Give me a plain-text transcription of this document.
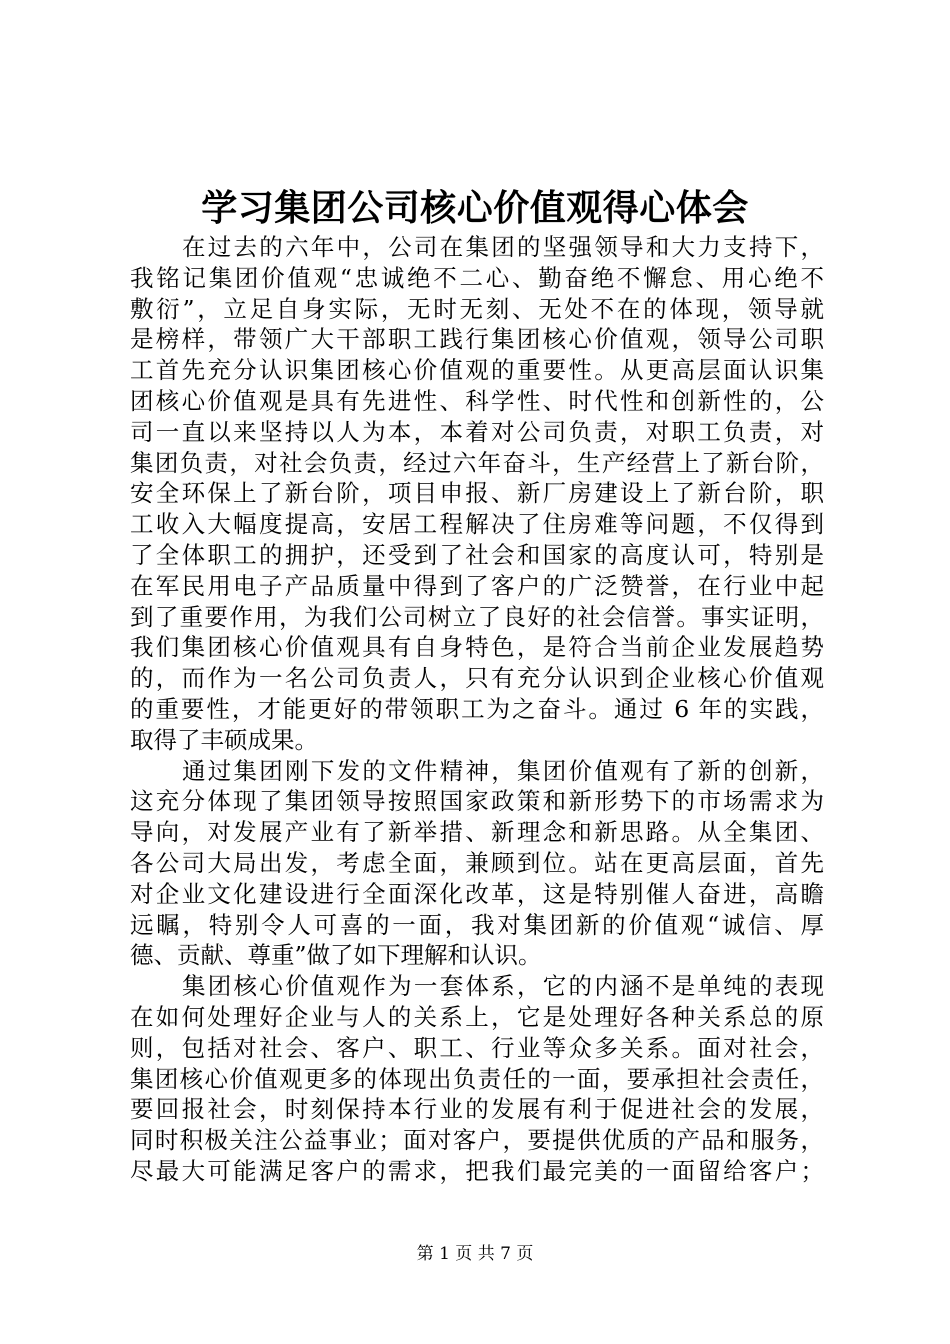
学习集团公司核心价值观得心体会
在过去的六年中，公司在集团的坚强领导和大力支持下，
我铭记集团价值观“忠诚绝不二心、勤奋绝不懈怠、用心绝不
敷衍”，立足自身实际，无时无刻、无处不在的体现，领导就
是榜样，带领广大干部职工践行集团核心价值观，领导公司职
工首先充分认识集团核心价值观的重要性。从更高层面认识集
团核心价值观是具有先进性、科学性、时代性和创新性的，公
司一直以来坚持以人为本，本着对公司负责，对职工负责，对
集团负责，对社会负责，经过六年奋斗，生产经营上了新台阶，
安全环保上了新台阶，项目申报、新厂房建设上了新台阶，职
工收入大幅度提高，安居工程解决了住房难等问题，不仅得到
了全体职工的拥护，还受到了社会和国家的高度认可，特别是
在军民用电子产品质量中得到了客户的广泛赞誉，在行业中起
到了重要作用，为我们公司树立了良好的社会信誉。事实证明，
我们集团核心价值观具有自身特色，是符合当前企业发展趋势
的，而作为一名公司负责人，只有充分认识到企业核心价值观
的重要性，才能更好的带领职工为之奋斗。通过 6 年的实践，
取得了丰硕成果。
通过集团刚下发的文件精神，集团价值观有了新的创新，
这充分体现了集团领导按照国家政策和新形势下的市场需求为
导向，对发展产业有了新举措、新理念和新思路。从全集团、
各公司大局出发，考虑全面，兼顾到位。站在更高层面，首先
对企业文化建设进行全面深化改革，这是特别催人奋进，高瞻
远瞩，特别令人可喜的一面，我对集团新的价值观“诚信、厚
德、贡献、尊重”做了如下理解和认识。
集团核心价值观作为一套体系，它的内涵不是单纯的表现
在如何处理好企业与人的关系上，它是处理好各种关系总的原
则，包括对社会、客户、职工、行业等众多关系。面对社会，
集团核心价值观更多的体现出负责任的一面，要承担社会责任，
要回报社会，时刻保持本行业的发展有利于促进社会的发展，
同时积极关注公益事业；面对客户，要提供优质的产品和服务，
尽最大可能满足客户的需求，把我们最完美的一面留给客户；
第 1 页 共 7 页
